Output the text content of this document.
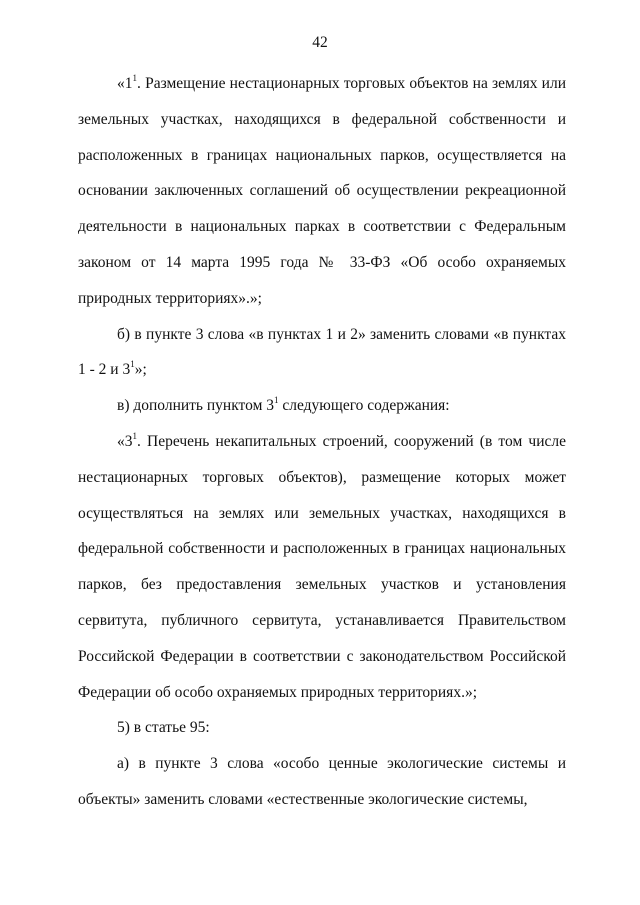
42

«$1^1$. Размещение нестационарных торговых объектов на землях или земельных участках, находящихся в федеральной собственности и расположенных в границах национальных парков, осуществляется на основании заключенных соглашений об осуществлении рекреационной деятельности в национальных парках в соответствии с Федеральным законом от 14 марта 1995 года № 33-ФЗ «Об особо охраняемых природных территориях».»;

б) в пункте 3 слова «в пунктах 1 и 2» заменить словами «в пунктах 1 - 2 и $3^1$»;

в) дополнить пунктом $3^1$ следующего содержания:

«$3^1$. Перечень некапитальных строений, сооружений (в том числе нестационарных торговых объектов), размещение которых может осуществляться на землях или земельных участках, находящихся в федеральной собственности и расположенных в границах национальных парков, без предоставления земельных участков и установления сервитута, публичного сервитута, устанавливается Правительством Российской Федерации в соответствии с законодательством Российской Федерации об особо охраняемых природных территориях.»;

5) в статье 95:

а) в пункте 3 слова «особо ценные экологические системы и объекты» заменить словами «естественные экологические системы,
